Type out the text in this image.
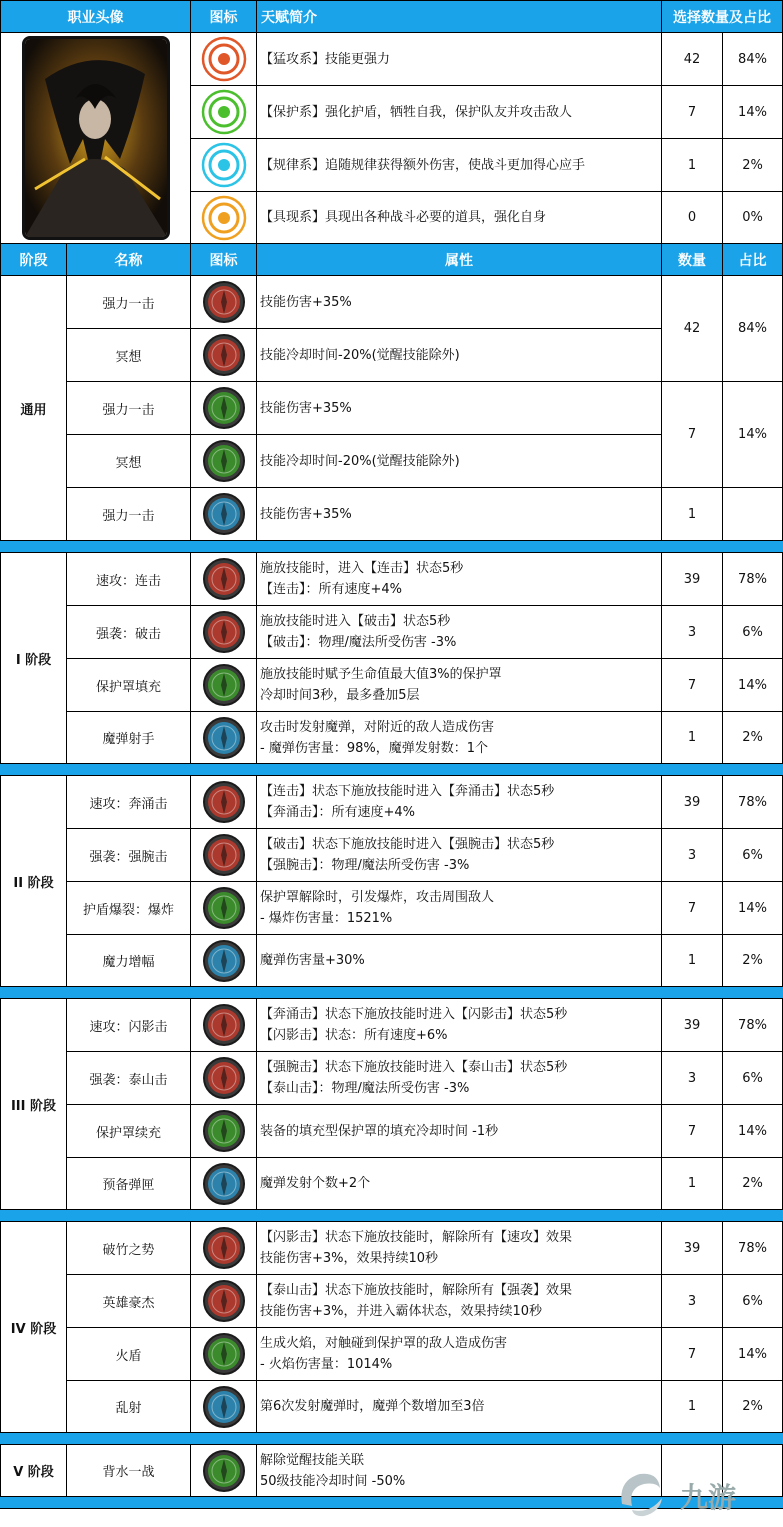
职业头像		图标	天赋简介	选择数量及占比	

	【猛攻系】技能更强力	42	84%

	【保护系】强化护盾，牺牲自我，保护队友并攻击敌人	7	14%

	【规律系】追随规律获得额外伤害，使战斗更加得心应手	1	2%

	【具现系】具现出各种战斗必要的道具，强化自身	0	0%
阶段	名称	图标	属性	数量	占比
通用	强力一击		技能伤害+35%	42	84%
	冥想		技能冷却时间-20%(觉醒技能除外)		

	强力一击		技能伤害+35%	7	14%
	冥想		技能冷却时间-20%(觉醒技能除外)		

	强力一击		技能伤害+35%	1	

I 阶段	速攻：连击		施放技能时，进入【连击】状态5秒
【连击】：所有速度+4%	39	78%
	强袭：破击		施放技能时进入【破击】状态5秒
【破击】：物理/魔法所受伤害 -3%	3	6%
	保护罩填充		施放技能时赋予生命值最大值3%的保护罩
冷却时间3秒，最多叠加5层	7	14%
	魔弹射手		攻击时发射魔弹，对附近的敌人造成伤害
- 魔弹伤害量：98%，魔弹发射数：1个	1	2%

II 阶段	速攻：奔涌击		【连击】状态下施放技能时进入【奔涌击】状态5秒
【奔涌击】：所有速度+4%	39	78%
	强袭：强腕击		【破击】状态下施放技能时进入【强腕击】状态5秒
【强腕击】：物理/魔法所受伤害 -3%	3	6%
	护盾爆裂：爆炸		保护罩解除时，引发爆炸，攻击周围敌人
- 爆炸伤害量：1521%	7	14%
	魔力增幅		魔弹伤害量+30%	1	2%

III 阶段	速攻：闪影击		【奔涌击】状态下施放技能时进入【闪影击】状态5秒
【闪影击】状态：所有速度+6%	39	78%
	强袭：泰山击		【强腕击】状态下施放技能时进入【泰山击】状态5秒
【泰山击】：物理/魔法所受伤害 -3%	3	6%
	保护罩续充		装备的填充型保护罩的填充冷却时间 -1秒	7	14%
	预备弹匣		魔弹发射个数+2个	1	2%

IV 阶段	破竹之势		【闪影击】状态下施放技能时，解除所有【速攻】效果
技能伤害+3%，效果持续10秒	39	78%
	英雄豪杰		【泰山击】状态下施放技能时，解除所有【强袭】效果
技能伤害+3%，并进入霸体状态，效果持续10秒	3	6%
	火盾		生成火焰，对触碰到保护罩的敌人造成伤害
- 火焰伤害量：1014%	7	14%
	乱射		第6次发射魔弹时，魔弹个数增加至3倍	1	2%

V 阶段	背水一战		解除觉醒技能关联
50级技能冷却时间 -50%		
			九游
